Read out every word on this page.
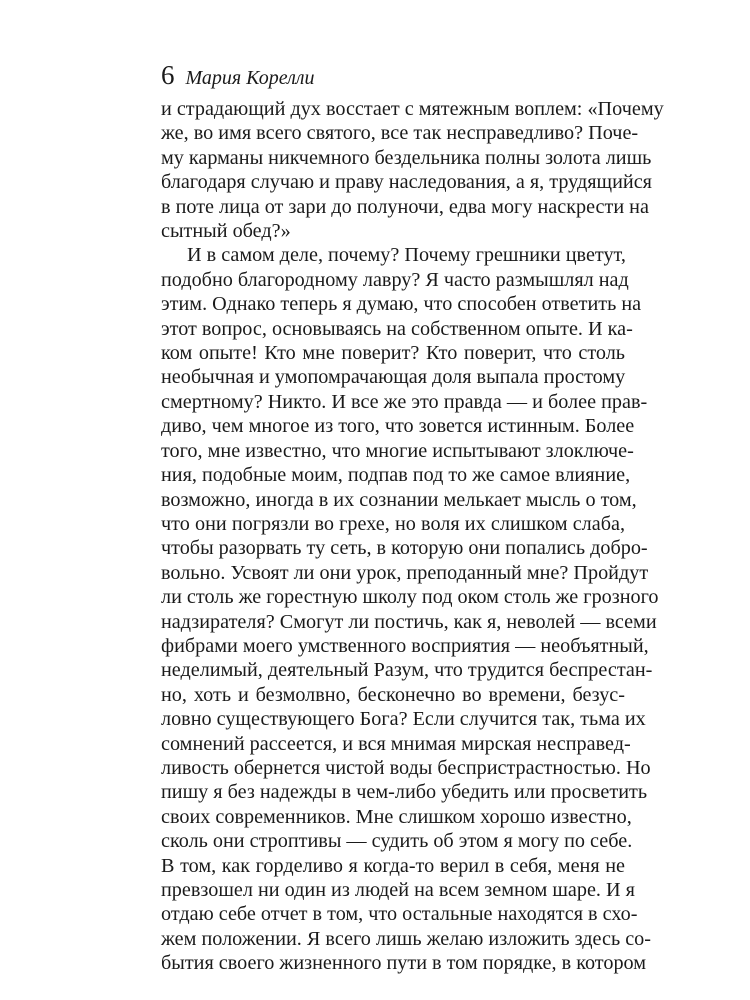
6 Мария Корелли
и страдающий дух восстает с мятежным воплем: «Почему
же, во имя всего святого, все так несправедливо? Поче-
му карманы никчемного бездельника полны золота лишь
благодаря случаю и праву наследования, а я, трудящийся
в поте лица от зари до полуночи, едва могу наскрести на
сытный обед?»
И в самом деле, почему? Почему грешники цветут,
подобно благородному лавру? Я часто размышлял над
этим. Однако теперь я думаю, что способен ответить на
этот вопрос, основываясь на собственном опыте. И ка-
ком опыте! Кто мне поверит? Кто поверит, что столь
необычная и умопомрачающая доля выпала простому
смертному? Никто. И все же это правда — и более прав-
диво, чем многое из того, что зовется истинным. Более
того, мне известно, что многие испытывают злоключе-
ния, подобные моим, подпав под то же самое влияние,
возможно, иногда в их сознании мелькает мысль о том,
что они погрязли во грехе, но воля их слишком слаба,
чтобы разорвать ту сеть, в которую они попались добро-
вольно. Усвоят ли они урок, преподанный мне? Пройдут
ли столь же горестную школу под оком столь же грозного
надзирателя? Смогут ли постичь, как я, неволей — всеми
фибрами моего умственного восприятия — необъятный,
неделимый, деятельный Разум, что трудится беспрестан-
но, хоть и безмолвно, бесконечно во времени, безус-
ловно существующего Бога? Если случится так, тьма их
сомнений рассеется, и вся мнимая мирская несправед-
ливость обернется чистой воды беспристрастностью. Но
пишу я без надежды в чем-либо убедить или просветить
своих современников. Мне слишком хорошо известно,
сколь они строптивы — судить об этом я могу по себе.
В том, как горделиво я когда-то верил в себя, меня не
превзошел ни один из людей на всем земном шаре. И я
отдаю себе отчет в том, что остальные находятся в схо-
жем положении. Я всего лишь желаю изложить здесь со-
бытия своего жизненного пути в том порядке, в котором
